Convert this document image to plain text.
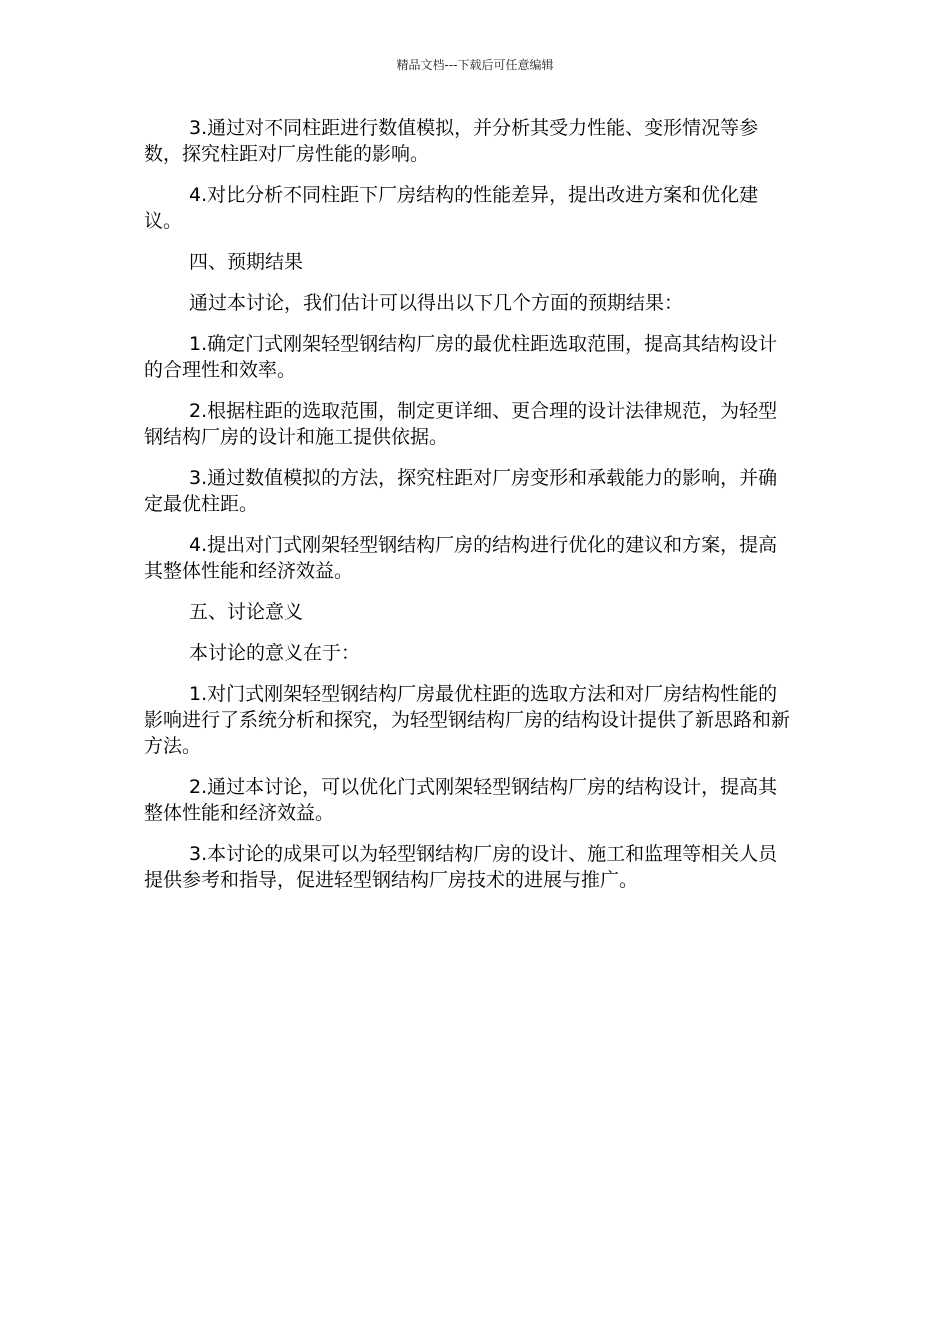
精品文档---下载后可任意编辑

3.通过对不同柱距进行数值模拟，并分析其受力性能、变形情况等参数，探究柱距对厂房性能的影响。

4.对比分析不同柱距下厂房结构的性能差异，提出改进方案和优化建议。

四、预期结果

通过本讨论，我们估计可以得出以下几个方面的预期结果：

1.确定门式刚架轻型钢结构厂房的最优柱距选取范围，提高其结构设计的合理性和效率。

2.根据柱距的选取范围，制定更详细、更合理的设计法律规范，为轻型钢结构厂房的设计和施工提供依据。

3.通过数值模拟的方法，探究柱距对厂房变形和承载能力的影响，并确定最优柱距。

4.提出对门式刚架轻型钢结构厂房的结构进行优化的建议和方案，提高其整体性能和经济效益。

五、讨论意义

本讨论的意义在于：

1.对门式刚架轻型钢结构厂房最优柱距的选取方法和对厂房结构性能的影响进行了系统分析和探究，为轻型钢结构厂房的结构设计提供了新思路和新方法。

2.通过本讨论，可以优化门式刚架轻型钢结构厂房的结构设计，提高其整体性能和经济效益。

3.本讨论的成果可以为轻型钢结构厂房的设计、施工和监理等相关人员提供参考和指导，促进轻型钢结构厂房技术的进展与推广。
